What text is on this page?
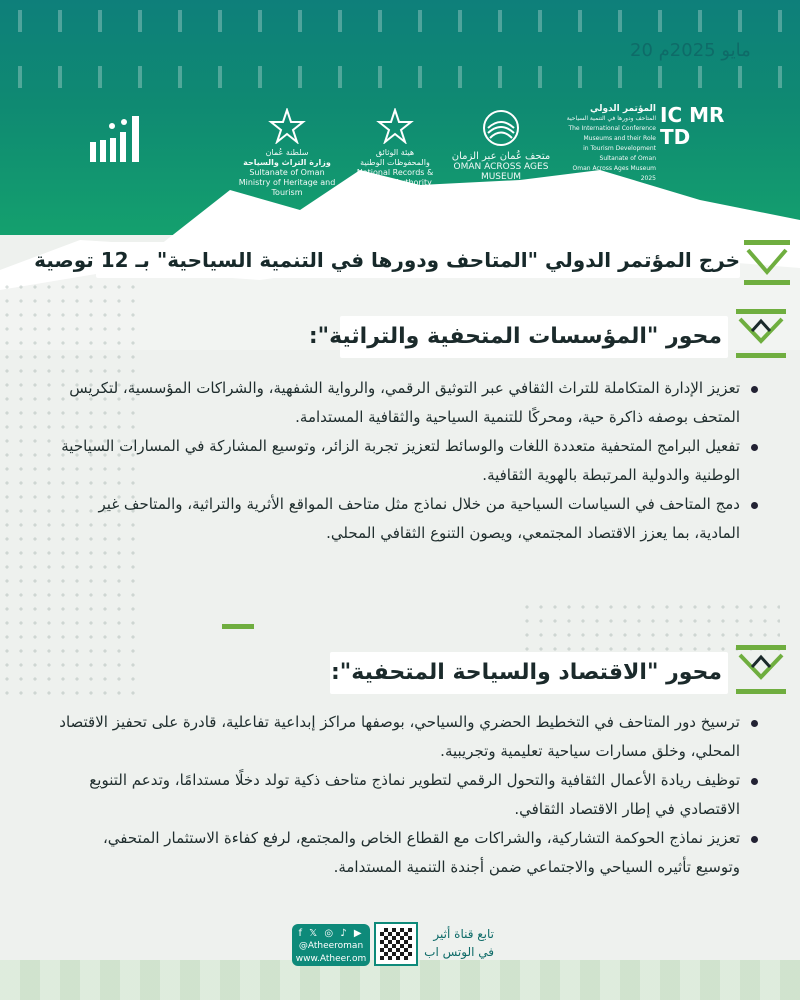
20 مايو 2025م
سلطنة عُمان
وزارة التراث والسياحة
Sultanate of Oman
Ministry of Heritage and Tourism
هيئة الوثائق
والمحفوظات الوطنية
National Records &
Archives Authority
متحف عُمان عبر الزمان
OMAN ACROSS AGES MUSEUM
المؤتمر الدولي
المتاحف ودورها في التنمية السياحية
The International Conference
Museums and their Role
in Tourism Development
Sultanate of Oman
Oman Across Ages Museum
2025
IC MRTD
خرج المؤتمر الدولي "المتاحف ودورها في التنمية السياحية" بـ 12 توصية
محور "المؤسسات المتحفية والتراثية":

تعزيز الإدارة المتكاملة للتراث الثقافي عبر التوثيق الرقمي، والرواية الشفهية، والشراكات المؤسسية، لتكريس المتحف بوصفه ذاكرة حية، ومحركًا للتنمية السياحية والثقافية المستدامة.

تفعيل البرامج المتحفية متعددة اللغات والوسائط لتعزيز تجربة الزائر، وتوسيع المشاركة في المسارات السياحية الوطنية والدولية المرتبطة بالهوية الثقافية.

دمج المتاحف في السياسات السياحية من خلال نماذج مثل متاحف المواقع الأثرية والتراثية، والمتاحف غير المادية، بما يعزز الاقتصاد المجتمعي، ويصون التنوع الثقافي المحلي.

محور "الاقتصاد والسياحة المتحفية":

ترسيخ دور المتاحف في التخطيط الحضري والسياحي، بوصفها مراكز إبداعية تفاعلية، قادرة على تحفيز الاقتصاد المحلي، وخلق مسارات سياحية تعليمية وتجريبية.

توظيف ريادة الأعمال الثقافية والتحول الرقمي لتطوير نماذج متاحف ذكية تولد دخلًا مستدامًا، وتدعم التنويع الاقتصادي في إطار الاقتصاد الثقافي.

تعزيز نماذج الحوكمة التشاركية، والشراكات مع القطاع الخاص والمجتمع، لرفع كفاءة الاستثمار المتحفي، وتوسيع تأثيره السياحي والاجتماعي ضمن أجندة التنمية المستدامة.

f 𝕏 ◎ ♪ ▶
@Atheeroman
www.Atheer.om
تابع قناة أثير
في الوتس اب
